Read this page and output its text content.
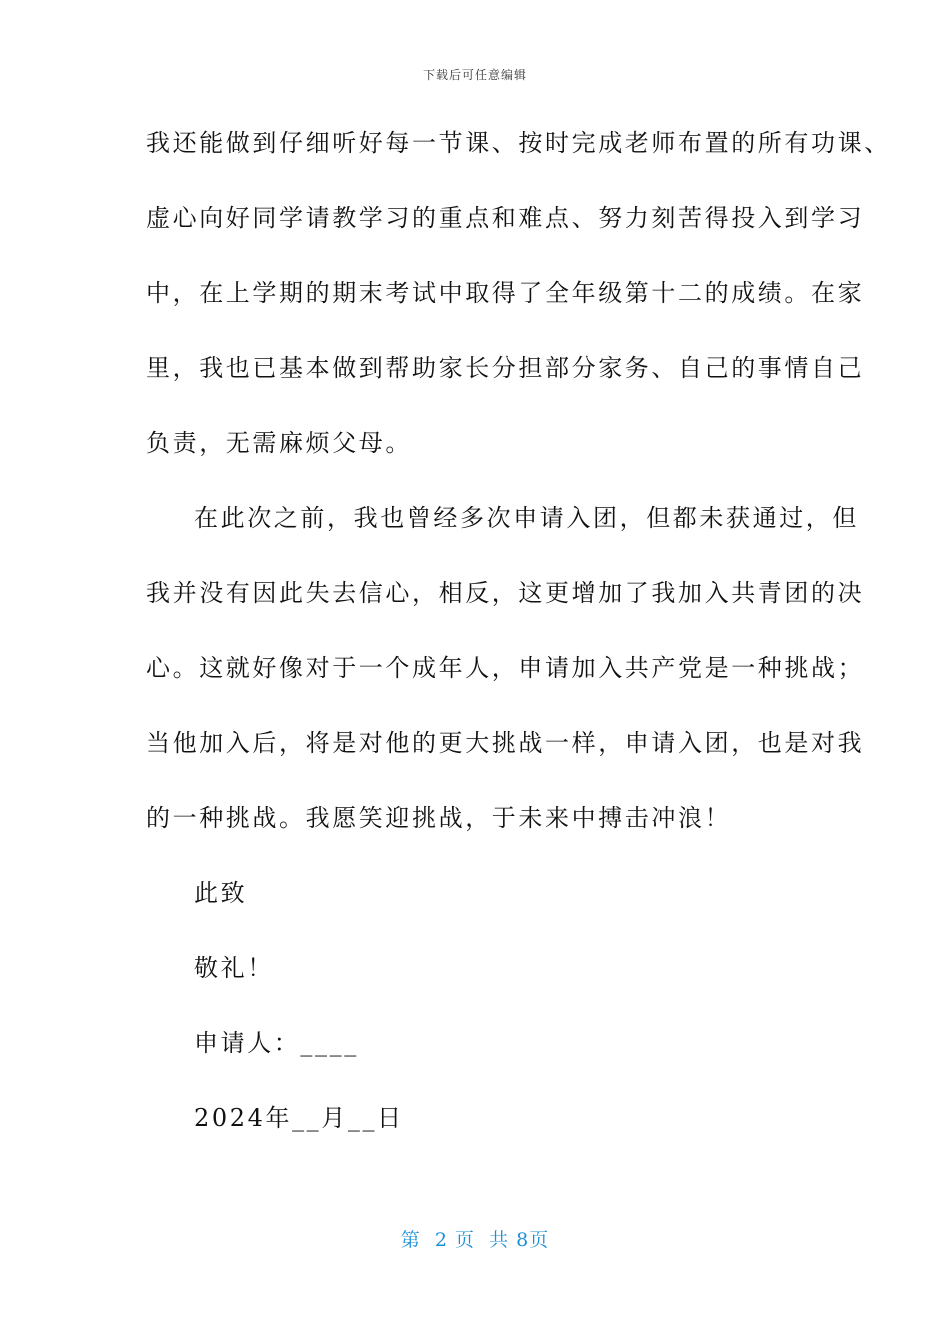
下载后可任意编辑
我还能做到仔细听好每一节课、按时完成老师布置的所有功课、
虚心向好同学请教学习的重点和难点、努力刻苦得投入到学习
中，在上学期的期末考试中取得了全年级第十二的成绩。在家
里，我也已基本做到帮助家长分担部分家务、自己的事情自己
负责，无需麻烦父母。
在此次之前，我也曾经多次申请入团，但都未获通过，但
我并没有因此失去信心，相反，这更增加了我加入共青团的决
心。这就好像对于一个成年人，申请加入共产党是一种挑战；
当他加入后，将是对他的更大挑战一样，申请入团，也是对我
的一种挑战。我愿笑迎挑战，于未来中搏击冲浪！
此致
敬礼！
申请人：____
2024年__月__日
第  2 页  共 8页
